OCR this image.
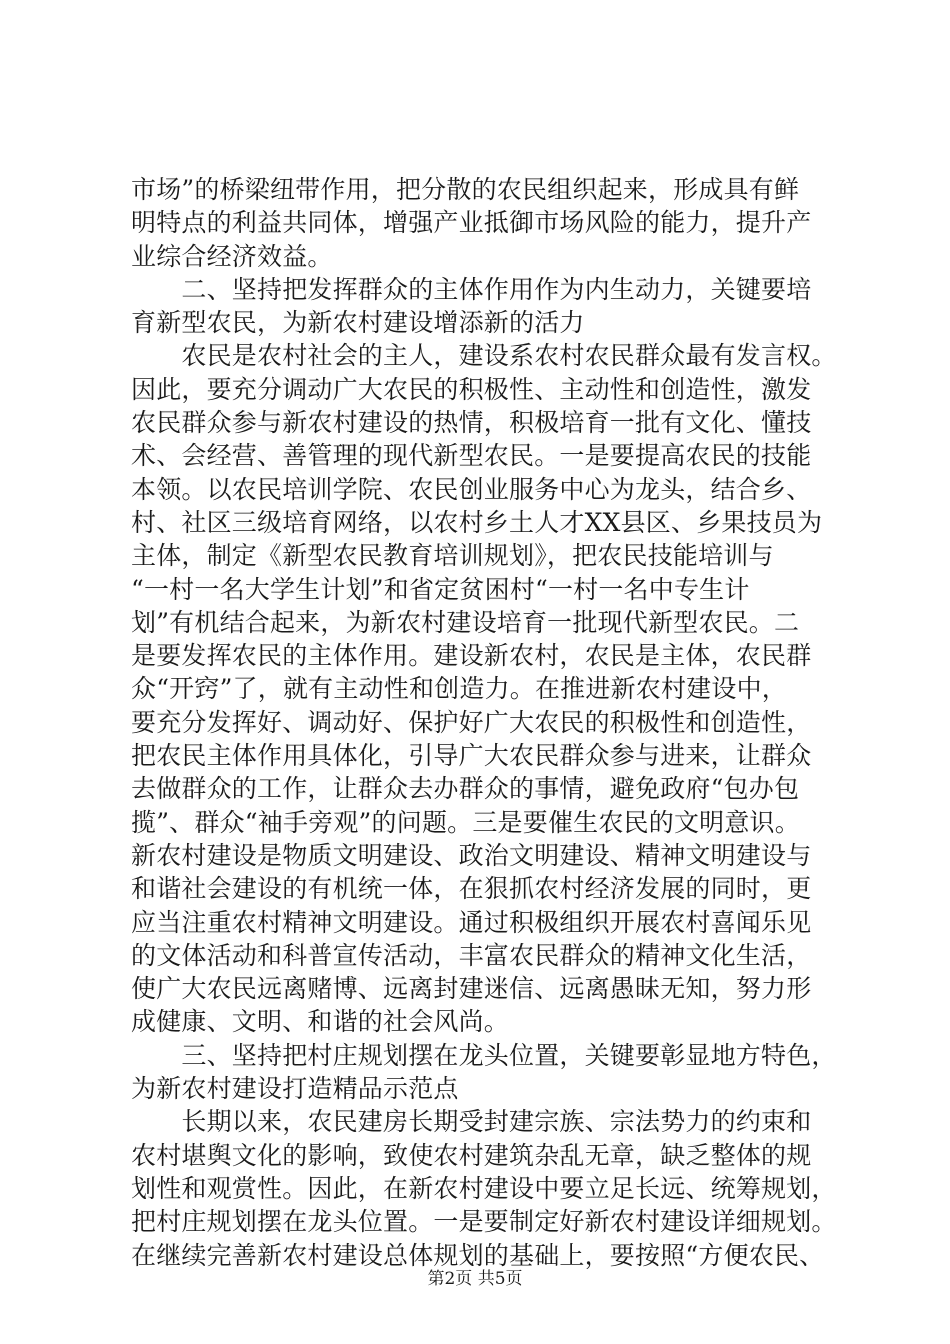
市场”的桥梁纽带作用，把分散的农民组织起来，形成具有鲜
明特点的利益共同体，增强产业抵御市场风险的能力，提升产
业综合经济效益。
　　二、坚持把发挥群众的主体作用作为内生动力，关键要培
育新型农民，为新农村建设增添新的活力
　　农民是农村社会的主人，建设系农村农民群众最有发言权。
因此，要充分调动广大农民的积极性、主动性和创造性，激发
农民群众参与新农村建设的热情，积极培育一批有文化、懂技
术、会经营、善管理的现代新型农民。一是要提高农民的技能
本领。以农民培训学院、农民创业服务中心为龙头，结合乡、
村、社区三级培育网络，以农村乡土人才XX县区、乡果技员为
主体，制定《新型农民教育培训规划》，把农民技能培训与
“一村一名大学生计划”和省定贫困村“一村一名中专生计
划”有机结合起来，为新农村建设培育一批现代新型农民。二
是要发挥农民的主体作用。建设新农村，农民是主体，农民群
众“开窍”了，就有主动性和创造力。在推进新农村建设中，
要充分发挥好、调动好、保护好广大农民的积极性和创造性，
把农民主体作用具体化，引导广大农民群众参与进来，让群众
去做群众的工作，让群众去办群众的事情，避免政府“包办包
揽”、群众“袖手旁观”的问题。三是要催生农民的文明意识。
新农村建设是物质文明建设、政治文明建设、精神文明建设与
和谐社会建设的有机统一体，在狠抓农村经济发展的同时，更
应当注重农村精神文明建设。通过积极组织开展农村喜闻乐见
的文体活动和科普宣传活动，丰富农民群众的精神文化生活，
使广大农民远离赌博、远离封建迷信、远离愚昧无知，努力形
成健康、文明、和谐的社会风尚。
　　三、坚持把村庄规划摆在龙头位置，关键要彰显地方特色，
为新农村建设打造精品示范点
　　长期以来，农民建房长期受封建宗族、宗法势力的约束和
农村堪舆文化的影响，致使农村建筑杂乱无章，缺乏整体的规
划性和观赏性。因此，在新农村建设中要立足长远、统筹规划，
把村庄规划摆在龙头位置。一是要制定好新农村建设详细规划。
在继续完善新农村建设总体规划的基础上，要按照“方便农民、
第2页 共5页
